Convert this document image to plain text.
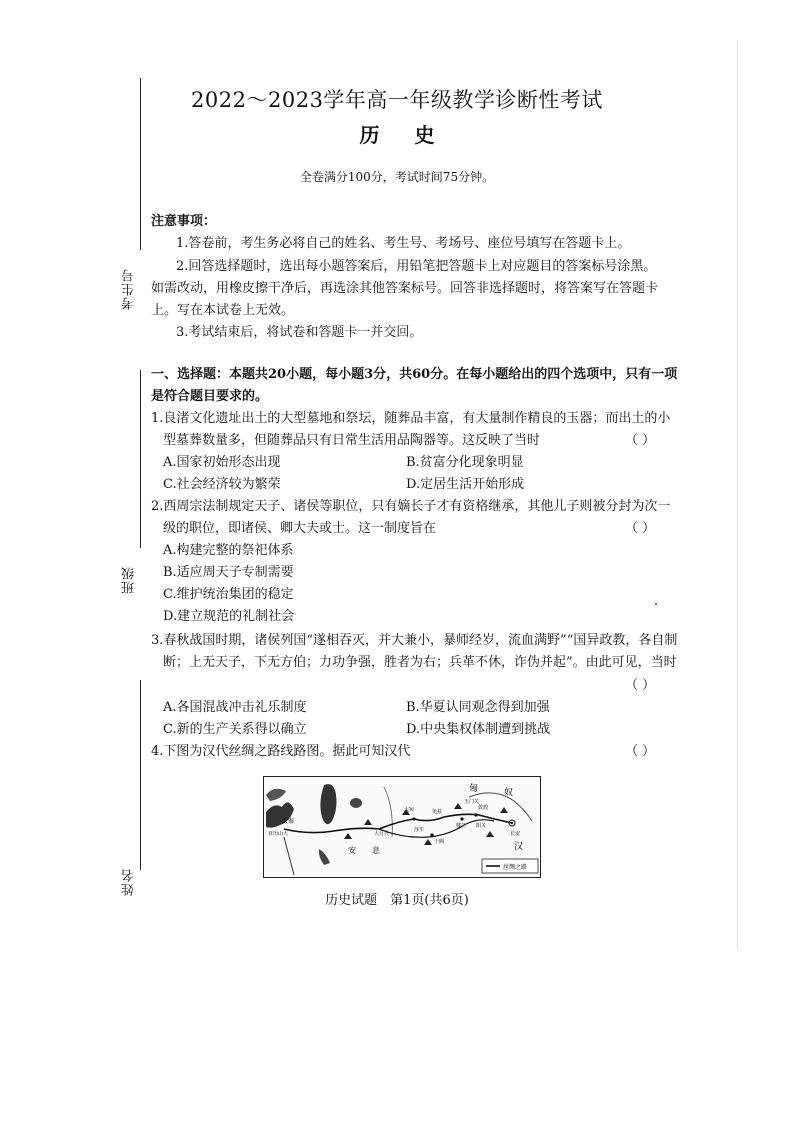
考生号
班级
姓名
2022～2023学年高一年级教学诊断性考试
历 史
全卷满分100分，考试时间75分钟。
注意事项：
1.答卷前，考生务必将自己的姓名、考生号、考场号、座位号填写在答题卡上。
2.回答选择题时，选出每小题答案后，用铅笔把答题卡上对应题目的答案标号涂黑。
如需改动，用橡皮擦干净后，再选涂其他答案标号。回答非选择题时，将答案写在答题卡
上。写在本试卷上无效。
3.考试结束后，将试卷和答题卡一并交回。
一、选择题：本题共20小题，每小题3分，共60分。在每小题给出的四个选项中，只有一项
是符合题目要求的。
1.良渚文化遗址出土的大型墓地和祭坛，随葬品丰富，有大量制作精良的玉器；而出土的小
型墓葬数量多，但随葬品只有日常生活用品陶器等。这反映了当时	（ ）
A.国家初始形态出现	B.贫富分化现象明显
C.社会经济较为繁荣	D.定居生活开始形成
2.西周宗法制规定天子、诸侯等职位，只有嫡长子才有资格继承，其他儿子则被分封为次一
级的职位，即诸侯、卿大夫或士。这一制度旨在	（ ）
A.构建完整的祭祀体系
B.适应周天子专制需要
C.维护统治集团的稳定
D.建立规范的礼制社会
3.春秋战国时期，诸侯列国“遂相吞灭，并大兼小，暴师经岁，流血满野”“国异政教，各自制
断；上无天子，下无方伯；力功争强，胜者为右；兵革不休，诈伪并起”。由此可见，当时
（ ）
A.各国混战冲击礼乐制度	B.华夏认同观念得到加强
C.新的生产关系得以确立	D.中央集权体制遭到挑战
4.下图为汉代丝绸之路线路图。据此可知汉代	（ ）
匈	奴
大秦
亚历山大
安 息
大宛
大月氏
龟兹
玉门关
敦煌
阳关
楼兰
莎车
于阗
长安
汉
丝绸之路
历史试题　第1页(共6页)
